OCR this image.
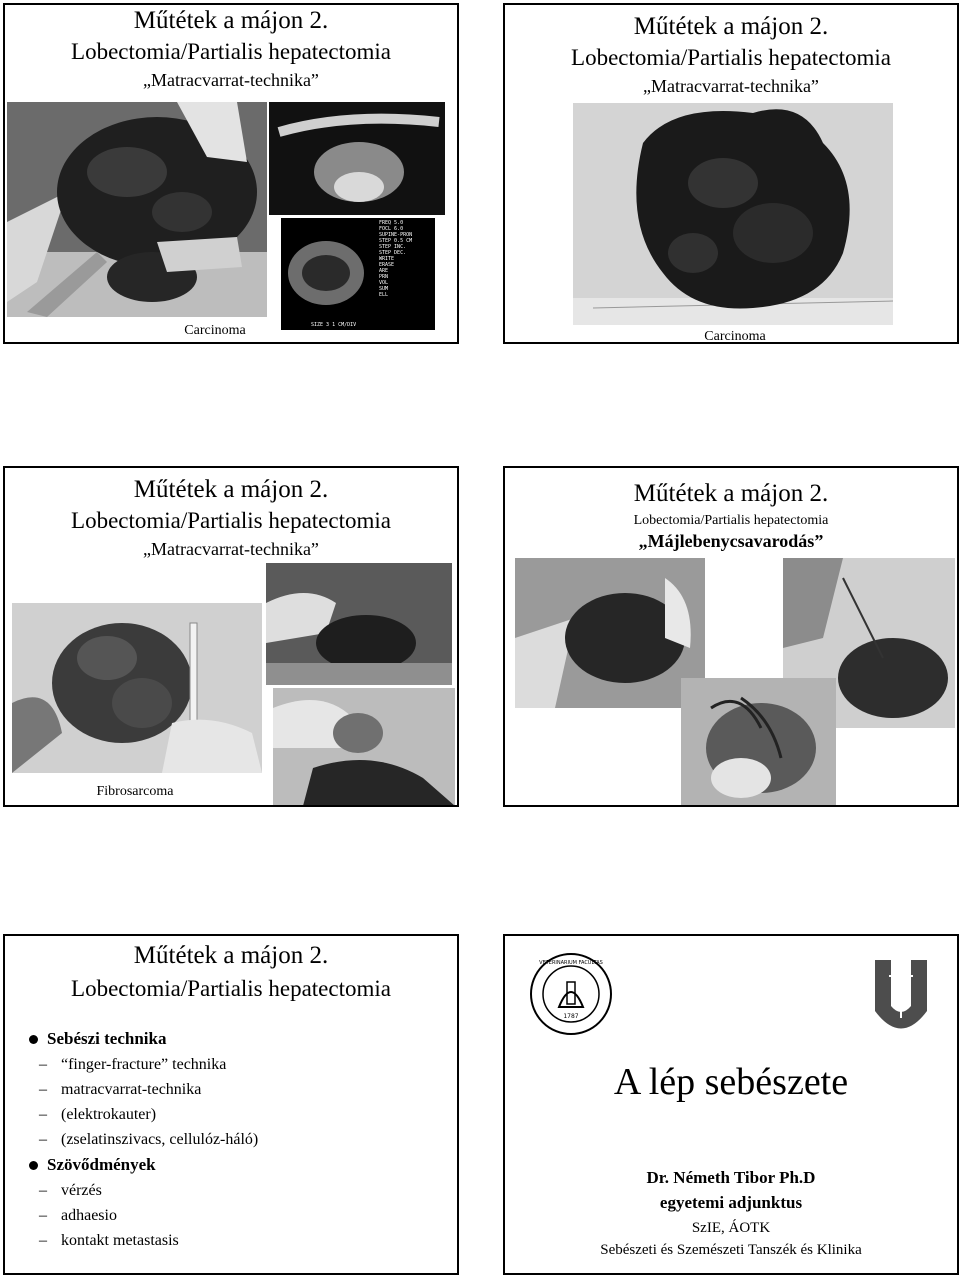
Műtétek a májon 2.
Lobectomia/Partialis hepatectomia
„Matracvarrat-technika”
FREQ 5.0
FOCL 6.0
SUPINE-PRON
STEP 0.5 CM
STEP INC.
STEP DEC.
WRITE
ERASE
ARE
PRN
VOL
SUM
ELL
SIZE 3 1 CM/DIV
Carcinoma
Műtétek a májon 2.
Lobectomia/Partialis hepatectomia
„Matracvarrat-technika”
Carcinoma
Műtétek a májon 2.
Lobectomia/Partialis hepatectomia
„Matracvarrat-technika”
Fibrosarcoma
Műtétek a májon 2.
Lobectomia/Partialis hepatectomia
„Májlebenycsavarodás”
Műtétek a májon 2.
Lobectomia/Partialis hepatectomia
Sebészi technika
– “finger-fracture” technika
– matracvarrat-technika
– (elektrokauter)
– (zselatinszivacs, cellulóz-háló)
Szövődmények
– vérzés
– adhaesio
– kontakt metastasis
1787
VETERINARIUM FACULTAS
A lép sebészete
Dr. Németh Tibor Ph.D
egyetemi adjunktus
SzIE, ÁOTK
Sebészeti és Szemészeti Tanszék és Klinika
